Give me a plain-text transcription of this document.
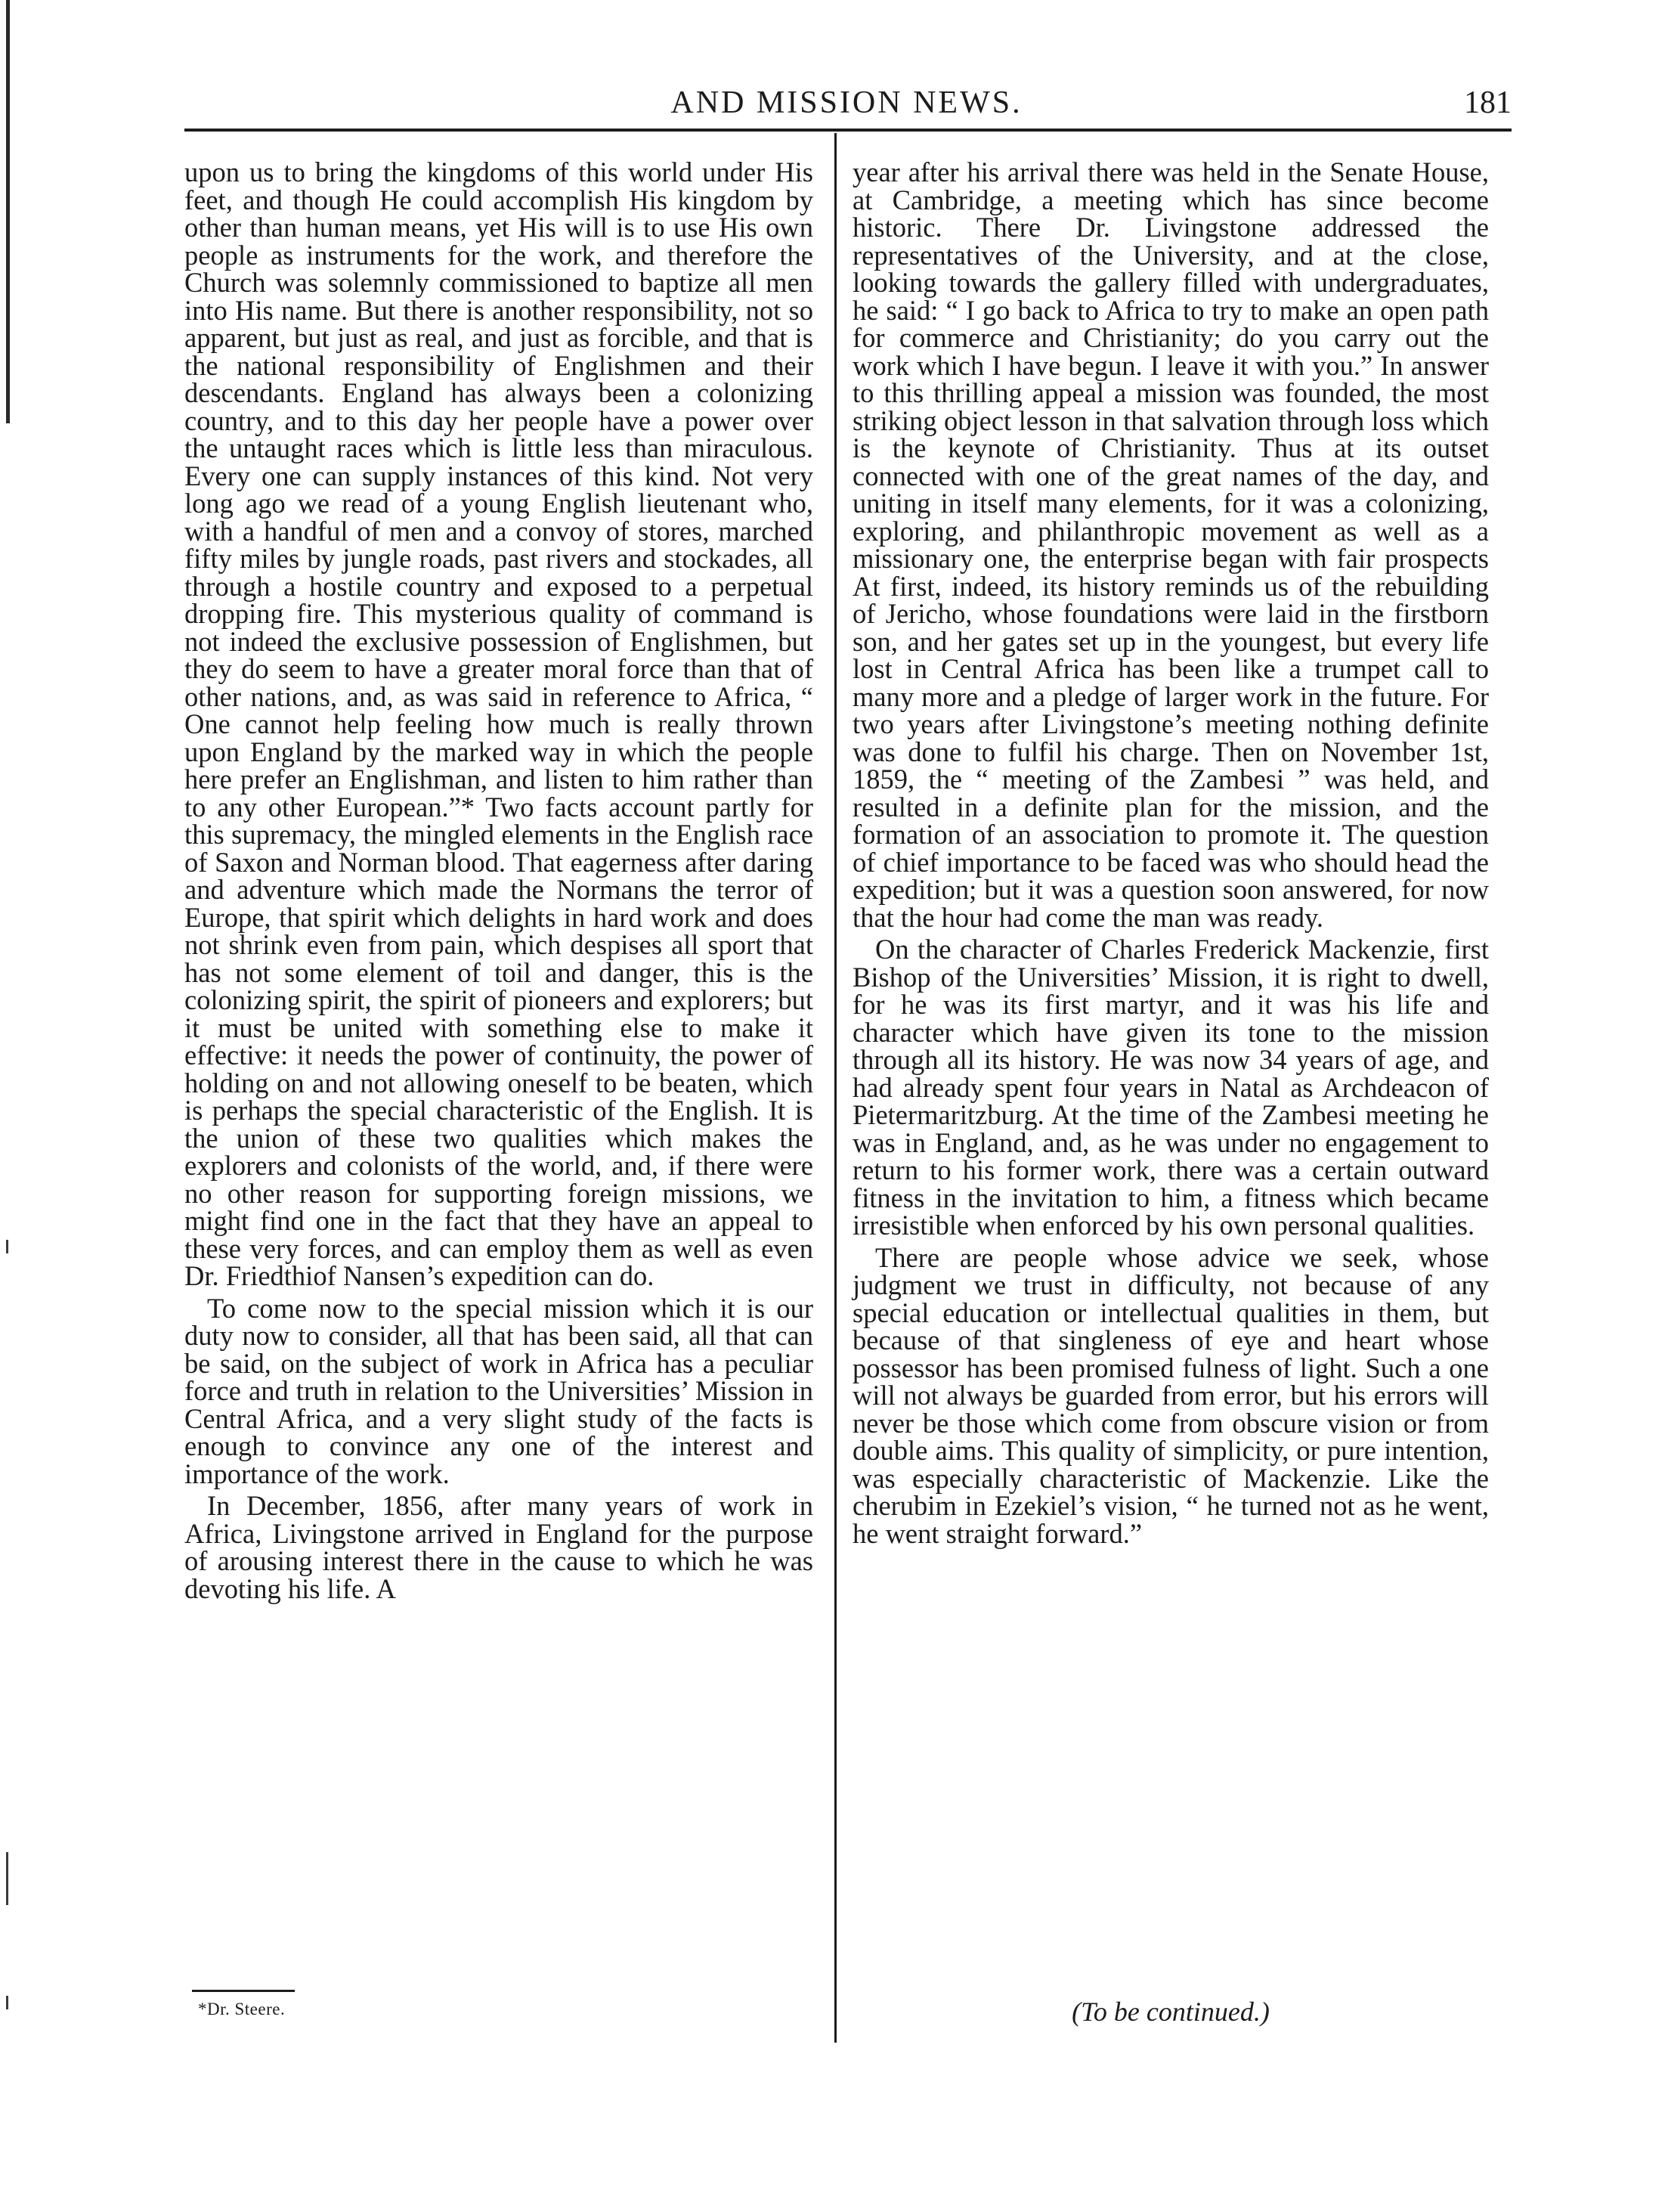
AND MISSION NEWS.	181

upon us to bring the kingdoms of this world under His feet, and though He could accomplish His kingdom by other than human means, yet His will is to use His own people as instruments for the work, and therefore the Church was solemnly commissioned to baptize all men into His name. But there is another responsibility, not so apparent, but just as real, and just as forcible, and that is the national responsibility of Englishmen and their descendants. England has always been a colonizing country, and to this day her people have a power over the untaught races which is little less than miraculous. Every one can supply instances of this kind. Not very long ago we read of a young English lieutenant who, with a handful of men and a convoy of stores, marched fifty miles by jungle roads, past rivers and stockades, all through a hostile country and exposed to a perpetual dropping fire. This mysterious quality of command is not indeed the exclusive possession of Englishmen, but they do seem to have a greater moral force than that of other nations, and, as was said in reference to Africa, “ One cannot help feeling how much is really thrown upon England by the marked way in which the people here prefer an Englishman, and listen to him rather than to any other European.”* Two facts account partly for this supremacy, the mingled elements in the English race of Saxon and Norman blood. That eagerness after daring and adventure which made the Normans the terror of Europe, that spirit which delights in hard work and does not shrink even from pain, which despises all sport that has not some element of toil and danger, this is the colonizing spirit, the spirit of pioneers and explorers; but it must be united with something else to make it effective: it needs the power of continuity, the power of holding on and not allowing oneself to be beaten, which is perhaps the special characteristic of the English. It is the union of these two qualities which makes the explorers and colonists of the world, and, if there were no other reason for supporting foreign missions, we might find one in the fact that they have an appeal to these very forces, and can employ them as well as even Dr. Friedthiof Nansen’s expedition can do.

To come now to the special mission which it is our duty now to consider, all that has been said, all that can be said, on the subject of work in Africa has a peculiar force and truth in relation to the Universities’ Mission in Central Africa, and a very slight study of the facts is enough to convince any one of the interest and importance of the work.

In December, 1856, after many years of work in Africa, Livingstone arrived in England for the purpose of arousing interest there in the cause to which he was devoting his life. A

year after his arrival there was held in the Senate House, at Cambridge, a meeting which has since become historic. There Dr. Livingstone addressed the representatives of the University, and at the close, looking towards the gallery filled with undergraduates, he said: “ I go back to Africa to try to make an open path for commerce and Christianity; do you carry out the work which I have begun. I leave it with you.” In answer to this thrilling appeal a mission was founded, the most striking object lesson in that salvation through loss which is the keynote of Christianity. Thus at its outset connected with one of the great names of the day, and uniting in itself many elements, for it was a colonizing, exploring, and philanthropic movement as well as a missionary one, the enterprise began with fair prospects At first, indeed, its history reminds us of the rebuilding of Jericho, whose foundations were laid in the firstborn son, and her gates set up in the youngest, but every life lost in Central Africa has been like a trumpet call to many more and a pledge of larger work in the future. For two years after Livingstone’s meeting nothing definite was done to fulfil his charge. Then on November 1st, 1859, the “ meeting of the Zambesi ” was held, and resulted in a definite plan for the mission, and the formation of an association to promote it. The question of chief importance to be faced was who should head the expedition; but it was a question soon answered, for now that the hour had come the man was ready.

On the character of Charles Frederick Mackenzie, first Bishop of the Universities’ Mission, it is right to dwell, for he was its first martyr, and it was his life and character which have given its tone to the mission through all its history. He was now 34 years of age, and had already spent four years in Natal as Archdeacon of Pietermaritzburg. At the time of the Zambesi meeting he was in England, and, as he was under no engagement to return to his former work, there was a certain outward fitness in the invitation to him, a fitness which became irresistible when enforced by his own personal qualities.

There are people whose advice we seek, whose judgment we trust in difficulty, not because of any special education or intellectual qualities in them, but because of that singleness of eye and heart whose possessor has been promised fulness of light. Such a one will not always be guarded from error, but his errors will never be those which come from obscure vision or from double aims. This quality of simplicity, or pure intention, was especially characteristic of Mackenzie. Like the cherubim in Ezekiel’s vision, “ he turned not as he went, he went straight forward.”

*Dr. Steere.	(To be continued.)
